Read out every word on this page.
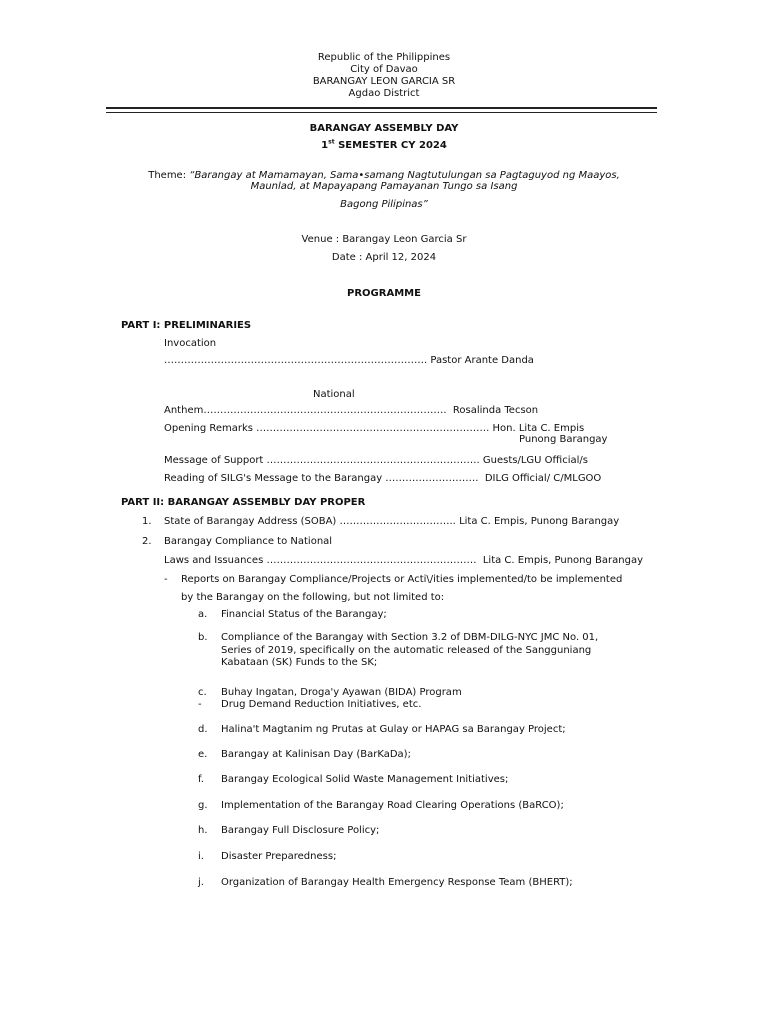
Republic of the Philippines
City of Davao
BARANGAY LEON GARCIA SR
Agdao District
BARANGAY ASSEMBLY DAY
1st SEMESTER CY 2024
Theme: “Barangay at Mamamayan, Sama•samang Nagtutulungan sa Pagtaguyod ng Maayos,
Maunlad, at Mapayapang Pamayanan Tungo sa Isang
Bagong Pilipinas”
Venue : Barangay Leon Garcia Sr
Date : April 12, 2024
PROGRAMME
PART I: PRELIMINARIES
Invocation
……………………………………………………………………. Pastor Arante Danda
National
Anthem………………………………………………………………. Rosalinda Tecson
Opening Remarks ……………………………………………………………. Hon. Lita C. Empis
Punong Barangay
Message of Support ………………………………………………………. Guests/LGU Official/s
Reading of SILG's Message to the Barangay ………………………. DILG Official/ C/MLGOO
PART II: BARANGAY ASSEMBLY DAY PROPER
1. State of Barangay Address (SOBA) …………………………….. Lita C. Empis, Punong Barangay
2. Barangay Compliance to National
Laws and Issuances ……………………………………………………… Lita C. Empis, Punong Barangay
- Reports on Barangay Compliance/Projects or Acti\/ities implemented/to be implemented
by the Barangay on the following, but not limited to:
a. Financial Status of the Barangay;
b. Compliance of the Barangay with Section 3.2 of DBM-DILG-NYC JMC No. 01,
Series of 2019, specifically on the automatic released of the Sangguniang
Kabataan (SK) Funds to the SK;
c. Buhay Ingatan, Droga'y Ayawan (BIDA) Program
- Drug Demand Reduction Initiatives, etc.
d. Halina't Magtanim ng Prutas at Gulay or HAPAG sa Barangay Project;
e. Barangay at Kalinisan Day (BarKaDa);
f. Barangay Ecological Solid Waste Management Initiatives;
g. Implementation of the Barangay Road Clearing Operations (BaRCO);
h. Barangay Full Disclosure Policy;
i. Disaster Preparedness;
j. Organization of Barangay Health Emergency Response Team (BHERT);
